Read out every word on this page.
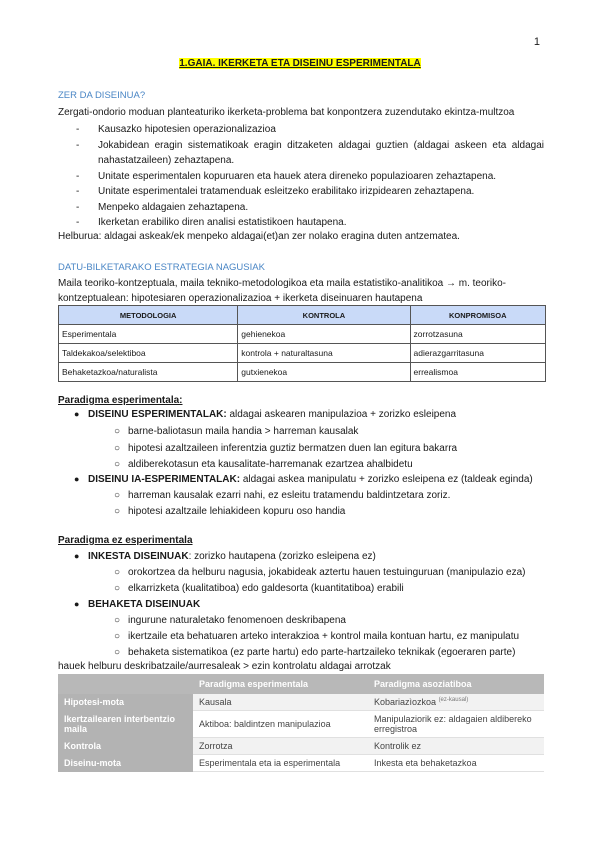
1
1.GAIA. IKERKETA ETA DISEINU ESPERIMENTALA
ZER DA DISEINUA?
Zergati-ondorio moduan planteaturiko ikerketa-problema bat konpontzera zuzendutako ekintza-multzoa
- Kausazko hipotesien operazionalizazioa
- Jokabidean eragin sistematikoak eragin ditzaketen aldagai guztien (aldagai askeen eta aldagai nahastatzaileen) zehaztapena.
- Unitate esperimentalen kopuruaren eta hauek atera direneko populazioaren zehaztapena.
- Unitate esperimentalei tratamenduak esleitzeko erabilitako irizpidearen zehaztapena.
- Menpeko aldagaien zehaztapena.
- Ikerketan erabiliko diren analisi estatistikoen hautapena.
Helburua: aldagai askeak/ek menpeko aldagai(et)an zer nolako eragina duten antzematea.
DATU-BILKETARAKO ESTRATEGIA NAGUSIAK
Maila teoriko-kontzeptuala, maila tekniko-metodologikoa eta maila estatistiko-analitikoa → m. teoriko-
kontzeptualean: hipotesiaren operazionalizazioa + ikerketa diseinuaren hautapena
METODOLOGIA	KONTROLA	KONPROMISOA
Esperimentala	gehienekoa	zorrotzasuna
Taldekakoa/selektiboa	kontrola + naturaltasuna	adierazgarritasuna
Behaketazkoa/naturalista	gutxienekoa	errealismoa
Paradigma esperimentala:
● DISEINU ESPERIMENTALAK: aldagai askearen manipulazioa + zorizko esleipena
○ barne-baliotasun maila handia > harreman kausalak
○ hipotesi azaltzaileen inferentzia guztiz bermatzen duen lan egitura bakarra
○ aldiberekotasun eta kausalitate-harremanak ezartzea ahalbidetu
● DISEINU IA-ESPERIMENTALAK: aldagai askea manipulatu + zorizko esleipena ez (taldeak eginda)
○ harreman kausalak ezarri nahi, ez esleitu tratamendu baldintzetara zoriz.
○ hipotesi azaltzaile lehiakideen kopuru oso handia
Paradigma ez esperimentala
● INKESTA DISEINUAK: zorizko hautapena (zorizko esleipena ez)
○ orokortzea da helburu nagusia, jokabideak aztertu hauen testuinguruan (manipulazio eza)
○ elkarrizketa (kualitatiboa) edo galdesorta (kuantitatiboa) erabili
● BEHAKETA DISEINUAK
○ ingurune naturaletako fenomenoen deskribapena
○ ikertzaile eta behatuaren arteko interakzioa + kontrol maila kontuan hartu, ez manipulatu
○ behaketa sistematikoa (ez parte hartu) edo parte-hartzaileko teknikak (egoeraren parte)
hauek helburu deskribatzaile/aurresaleak > ezin kontrolatu aldagai arrotzak
	Paradigma esperimentala	Paradigma asoziatiboa
Hipotesi-mota	Kausala	Kobariazìozkoa $^{(ez-kausal)}$
Ikertzailearen interbentzio maila	Aktiboa: baldintzen manipulazioa	Manipulaziorik ez: aldagaien aldibereko erregistroa
Kontrola	Zorrotza	Kontrolik ez
Diseinu-mota	Esperimentala eta ia esperimentala	Inkesta eta behaketazkoa
